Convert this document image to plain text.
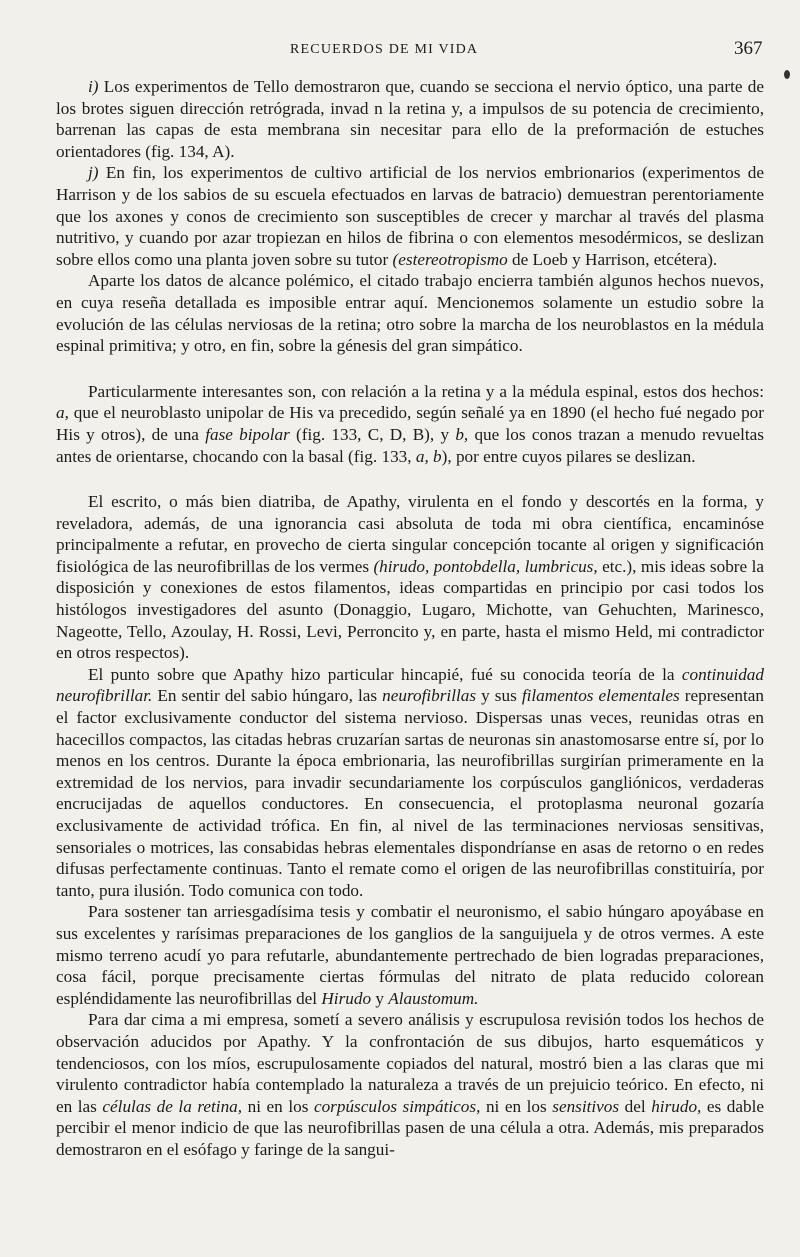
RECUERDOS DE MI VIDA	367

i) Los experimentos de Tello demostraron que, cuando se secciona el nervio óptico, una parte de los brotes siguen dirección retrógrada, invad n la retina y, a impulsos de su potencia de crecimiento, barrenan las capas de esta membrana sin necesitar para ello de la preformación de estuches orientadores (fig. 134, A).

j) En fin, los experimentos de cultivo artificial de los nervios embrionarios (experimentos de Harrison y de los sabios de su escuela efectuados en larvas de batracio) demuestran perentoriamente que los axones y conos de crecimiento son susceptibles de crecer y marchar al través del plasma nutritivo, y cuando por azar tropiezan en hilos de fibrina o con elementos mesodérmicos, se deslizan sobre ellos como una planta joven sobre su tutor (estereotropismo de Loeb y Harrison, etcétera).

Aparte los datos de alcance polémico, el citado trabajo encierra también algunos hechos nuevos, en cuya reseña detallada es imposible entrar aquí. Mencionemos solamente un estudio sobre la evolución de las células nerviosas de la retina; otro sobre la marcha de los neuroblastos en la médula espinal primitiva; y otro, en fin, sobre la génesis del gran simpático.

Particularmente interesantes son, con relación a la retina y a la médula espinal, estos dos hechos: a, que el neuroblasto unipolar de His va precedido, según señalé ya en 1890 (el hecho fué negado por His y otros), de una fase bipolar (fig. 133, C, D, B), y b, que los conos trazan a menudo revueltas antes de orientarse, chocando con la basal (fig. 133, a, b), por entre cuyos pilares se deslizan.

El escrito, o más bien diatriba, de Apathy, virulenta en el fondo y descortés en la forma, y reveladora, además, de una ignorancia casi absoluta de toda mi obra científica, encaminóse principalmente a refutar, en provecho de cierta singular concepción tocante al origen y significación fisiológica de las neurofibrillas de los vermes (hirudo, pontobdella, lumbricus, etc.), mis ideas sobre la disposición y conexiones de estos filamentos, ideas compartidas en principio por casi todos los histólogos investigadores del asunto (Donaggio, Lugaro, Michotte, van Gehuchten, Marinesco, Nageotte, Tello, Azoulay, H. Rossi, Levi, Perroncito y, en parte, hasta el mismo Held, mi contradictor en otros respectos).

El punto sobre que Apathy hizo particular hincapié, fué su conocida teoría de la continuidad neurofibrillar. En sentir del sabio húngaro, las neurofibrillas y sus filamentos elementales representan el factor exclusivamente conductor del sistema nervioso. Dispersas unas veces, reunidas otras en hacecillos compactos, las citadas hebras cruzarían sartas de neuronas sin anastomosarse entre sí, por lo menos en los centros. Durante la época embrionaria, las neurofibrillas surgirían primeramente en la extremidad de los nervios, para invadir secundariamente los corpúsculos gangliónicos, verdaderas encrucijadas de aquellos conductores. En consecuencia, el protoplasma neuronal gozaría exclusivamente de actividad trófica. En fin, al nivel de las terminaciones nerviosas sensitivas, sensoriales o motrices, las consabidas hebras elementales dispondríanse en asas de retorno o en redes difusas perfectamente continuas. Tanto el remate como el origen de las neurofibrillas constituiría, por tanto, pura ilusión. Todo comunica con todo.

Para sostener tan arriesgadísima tesis y combatir el neuronismo, el sabio húngaro apoyábase en sus excelentes y rarísimas preparaciones de los ganglios de la sanguijuela y de otros vermes. A este mismo terreno acudí yo para refutarle, abundantemente pertrechado de bien logradas preparaciones, cosa fácil, porque precisamente ciertas fórmulas del nitrato de plata reducido colorean espléndidamente las neurofibrillas del Hirudo y Alaustomum.

Para dar cima a mi empresa, sometí a severo análisis y escrupulosa revisión todos los hechos de observación aducidos por Apathy. Y la confrontación de sus dibujos, harto esquemáticos y tendenciosos, con los míos, escrupulosamente copiados del natural, mostró bien a las claras que mi virulento contradictor había contemplado la naturaleza a través de un prejuicio teórico. En efecto, ni en las células de la retina, ni en los corpúsculos simpáticos, ni en los sensitivos del hirudo, es dable percibir el menor indicio de que las neurofibrillas pasen de una célula a otra. Además, mis preparados demostraron en el esófago y faringe de la sangui-
